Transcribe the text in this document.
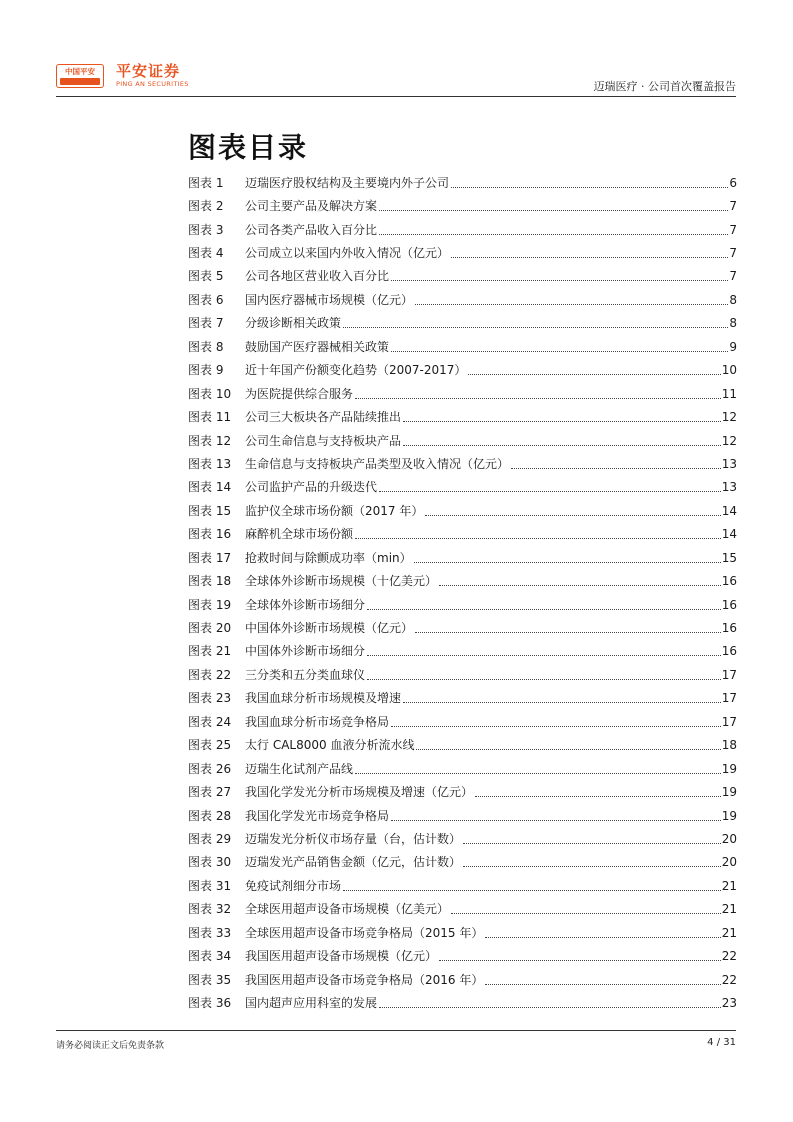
中国平安	平安证券
PING AN SECURITIES	迈瑞医疗 · 公司首次覆盖报告
图表目录
图表 1	迈瑞医疗股权结构及主要境内外子公司	6
图表 2	公司主要产品及解决方案	7
图表 3	公司各类产品收入百分比	7
图表 4	公司成立以来国内外收入情况（亿元）	7
图表 5	公司各地区营业收入百分比	7
图表 6	国内医疗器械市场规模（亿元）	8
图表 7	分级诊断相关政策	8
图表 8	鼓励国产医疗器械相关政策	9
图表 9	近十年国产份额变化趋势（2007-2017）	10
图表 10	为医院提供综合服务	11
图表 11	公司三大板块各产品陆续推出	12
图表 12	公司生命信息与支持板块产品	12
图表 13	生命信息与支持板块产品类型及收入情况（亿元）	13
图表 14	公司监护产品的升级迭代	13
图表 15	监护仪全球市场份额（2017 年）	14
图表 16	麻醉机全球市场份额	14
图表 17	抢救时间与除颤成功率（min）	15
图表 18	全球体外诊断市场规模（十亿美元）	16
图表 19	全球体外诊断市场细分	16
图表 20	中国体外诊断市场规模（亿元）	16
图表 21	中国体外诊断市场细分	16
图表 22	三分类和五分类血球仪	17
图表 23	我国血球分析市场规模及增速	17
图表 24	我国血球分析市场竞争格局	17
图表 25	太行 CAL8000 血液分析流水线	18
图表 26	迈瑞生化试剂产品线	19
图表 27	我国化学发光分析市场规模及增速（亿元）	19
图表 28	我国化学发光市场竞争格局	19
图表 29	迈瑞发光分析仪市场存量（台，估计数）	20
图表 30	迈瑞发光产品销售金额（亿元，估计数）	20
图表 31	免疫试剂细分市场	21
图表 32	全球医用超声设备市场规模（亿美元）	21
图表 33	全球医用超声设备市场竞争格局（2015 年）	21
图表 34	我国医用超声设备市场规模（亿元）	22
图表 35	我国医用超声设备市场竞争格局（2016 年）	22
图表 36	国内超声应用科室的发展	23
请务必阅读正文后免责条款	4 / 31
